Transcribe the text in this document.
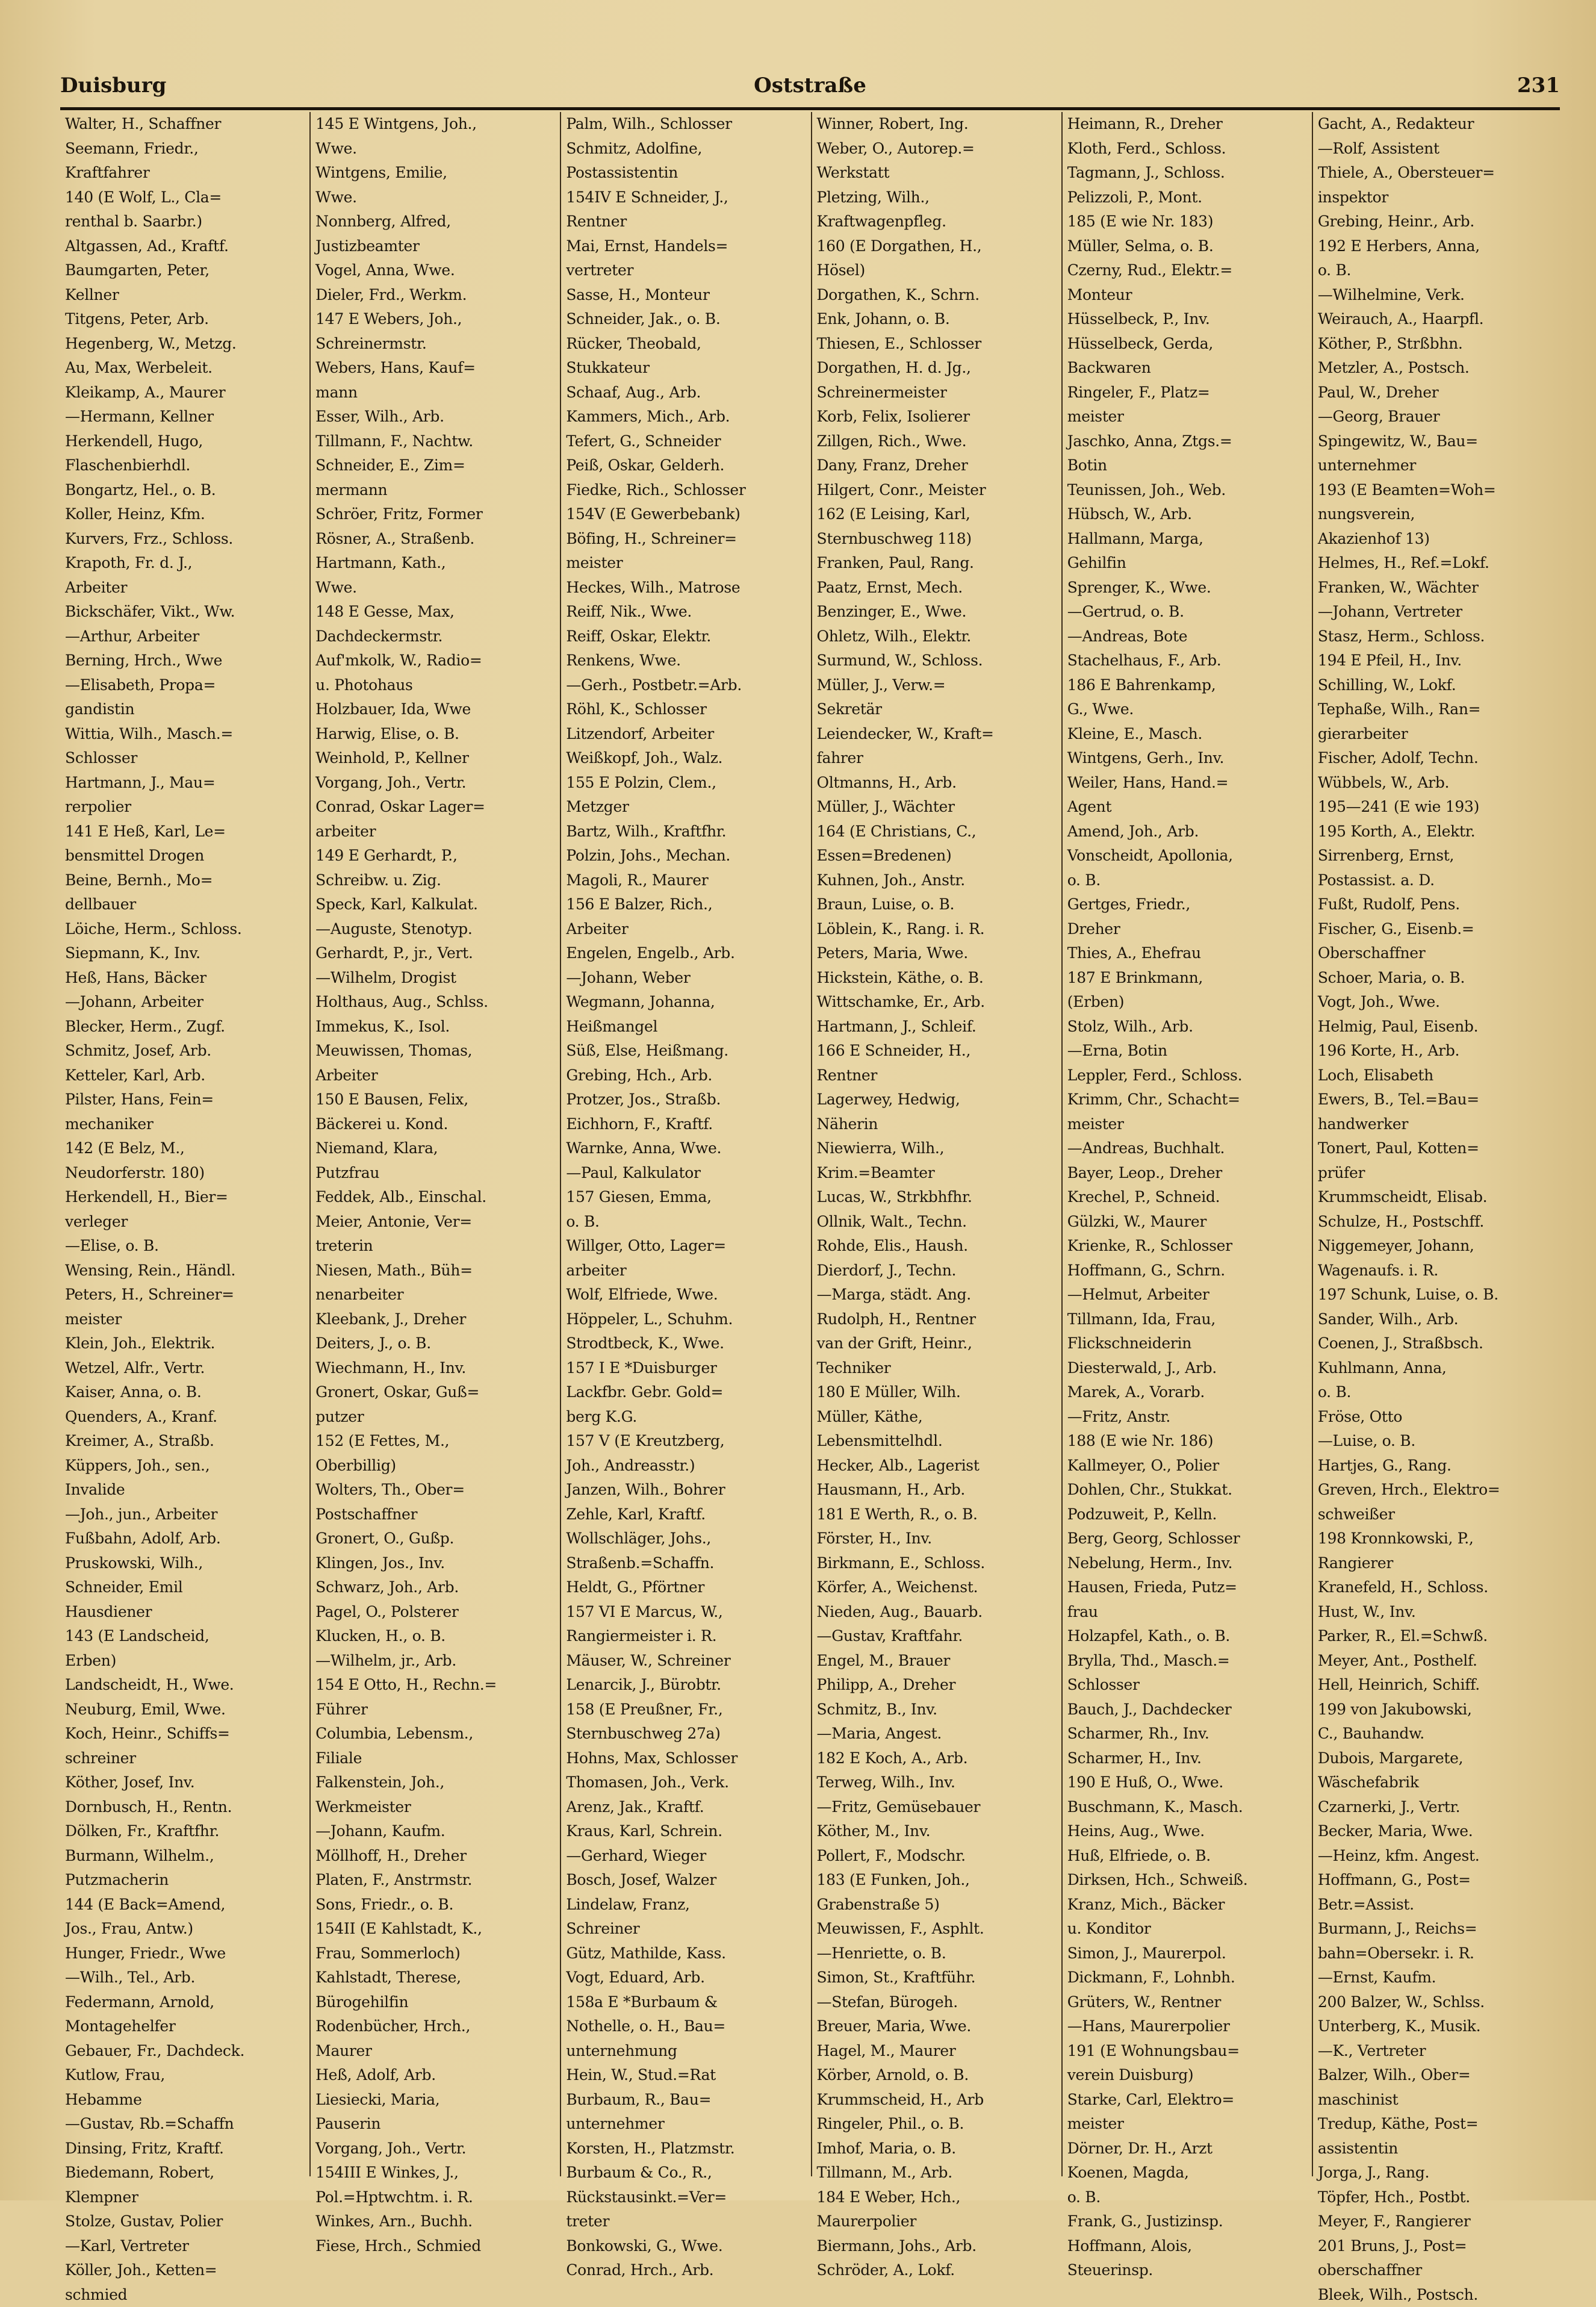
Duisburg	Oststraße	231
Walter, H., Schaffner
Seemann, Friedr.,
Kraftfahrer
140 (E Wolf, L., Cla=
renthal b. Saarbr.)
Altgassen, Ad., Kraftf.
Baumgarten, Peter,
Kellner
Titgens, Peter, Arb.
Hegenberg, W., Metzg.
Au, Max, Werbeleit.
Kleikamp, A., Maurer
—Hermann, Kellner
Herkendell, Hugo,
Flaschenbierhdl.
Bongartz, Hel., o. B.
Koller, Heinz, Kfm.
Kurvers, Frz., Schloss.
Krapoth, Fr. d. J.,
Arbeiter
Bickschäfer, Vikt., Ww.
—Arthur, Arbeiter
Berning, Hrch., Wwe
—Elisabeth, Propa=
gandistin
Wittia, Wilh., Masch.=
Schlosser
Hartmann, J., Mau=
rerpolier
141 E Heß, Karl, Le=
bensmittel Drogen
Beine, Bernh., Mo=
dellbauer
Löiche, Herm., Schloss.
Siepmann, K., Inv.
Heß, Hans, Bäcker
—Johann, Arbeiter
Blecker, Herm., Zugf.
Schmitz, Josef, Arb.
Ketteler, Karl, Arb.
Pilster, Hans, Fein=
mechaniker
142 (E Belz, M.,
Neudorferstr. 180)
Herkendell, H., Bier=
verleger
—Elise, o. B.
Wensing, Rein., Händl.
Peters, H., Schreiner=
meister
Klein, Joh., Elektrik.
Wetzel, Alfr., Vertr.
Kaiser, Anna, o. B.
Quenders, A., Kranf.
Kreimer, A., Straßb.
Küppers, Joh., sen.,
Invalide
—Joh., jun., Arbeiter
Fußbahn, Adolf, Arb.
Pruskowski, Wilh.,
Schneider, Emil
Hausdiener
143 (E Landscheid,
Erben)
Landscheidt, H., Wwe.
Neuburg, Emil, Wwe.
Koch, Heinr., Schiffs=
schreiner
Köther, Josef, Inv.
Dornbusch, H., Rentn.
Dölken, Fr., Kraftfhr.
Burmann, Wilhelm.,
Putzmacherin
144 (E Back=Amend,
Jos., Frau, Antw.)
Hunger, Friedr., Wwe
—Wilh., Tel., Arb.
Federmann, Arnold,
Montagehelfer
Gebauer, Fr., Dachdeck.
Kutlow, Frau,
Hebamme
—Gustav, Rb.=Schaffn
Dinsing, Fritz, Kraftf.
Biedemann, Robert,
Klempner
Stolze, Gustav, Polier
—Karl, Vertreter
Köller, Joh., Ketten=
schmied
145 E Wintgens, Joh.,
Wwe.
Wintgens, Emilie,
Wwe.
Nonnberg, Alfred,
Justizbeamter
Vogel, Anna, Wwe.
Dieler, Frd., Werkm.
147 E Webers, Joh.,
Schreinermstr.
Webers, Hans, Kauf=
mann
Esser, Wilh., Arb.
Tillmann, F., Nachtw.
Schneider, E., Zim=
mermann
Schröer, Fritz, Former
Rösner, A., Straßenb.
Hartmann, Kath.,
Wwe.
148 E Gesse, Max,
Dachdeckermstr.
Auf'mkolk, W., Radio=
u. Photohaus
Holzbauer, Ida, Wwe
Harwig, Elise, o. B.
Weinhold, P., Kellner
Vorgang, Joh., Vertr.
Conrad, Oskar Lager=
arbeiter
149 E Gerhardt, P.,
Schreibw. u. Zig.
Speck, Karl, Kalkulat.
—Auguste, Stenotyp.
Gerhardt, P., jr., Vert.
—Wilhelm, Drogist
Holthaus, Aug., Schlss.
Immekus, K., Isol.
Meuwissen, Thomas,
Arbeiter
150 E Bausen, Felix,
Bäckerei u. Kond.
Niemand, Klara,
Putzfrau
Feddek, Alb., Einschal.
Meier, Antonie, Ver=
treterin
Niesen, Math., Büh=
nenarbeiter
Kleebank, J., Dreher
Deiters, J., o. B.
Wiechmann, H., Inv.
Gronert, Oskar, Guß=
putzer
152 (E Fettes, M.,
Oberbillig)
Wolters, Th., Ober=
Postschaffner
Gronert, O., Gußp.
Klingen, Jos., Inv.
Schwarz, Joh., Arb.
Pagel, O., Polsterer
Klucken, H., o. B.
—Wilhelm, jr., Arb.
154 E Otto, H., Rechn.=
Führer
Columbia, Lebensm.,
Filiale
Falkenstein, Joh.,
Werkmeister
—Johann, Kaufm.
Möllhoff, H., Dreher
Platen, F., Anstrmstr.
Sons, Friedr., o. B.
154II (E Kahlstadt, K.,
Frau, Sommerloch)
Kahlstadt, Therese,
Bürogehilfin
Rodenbücher, Hrch.,
Maurer
Heß, Adolf, Arb.
Liesiecki, Maria,
Pauserin
Vorgang, Joh., Vertr.
154III E Winkes, J.,
Pol.=Hptwchtm. i. R.
Winkes, Arn., Buchh.
Fiese, Hrch., Schmied
Palm, Wilh., Schlosser
Schmitz, Adolfine,
Postassistentin
154IV E Schneider, J.,
Rentner
Mai, Ernst, Handels=
vertreter
Sasse, H., Monteur
Schneider, Jak., o. B.
Rücker, Theobald,
Stukkateur
Schaaf, Aug., Arb.
Kammers, Mich., Arb.
Tefert, G., Schneider
Peiß, Oskar, Gelderh.
Fiedke, Rich., Schlosser
154V (E Gewerbebank)
Böfing, H., Schreiner=
meister
Heckes, Wilh., Matrose
Reiff, Nik., Wwe.
Reiff, Oskar, Elektr.
Renkens, Wwe.
—Gerh., Postbetr.=Arb.
Röhl, K., Schlosser
Litzendorf, Arbeiter
Weißkopf, Joh., Walz.
155 E Polzin, Clem.,
Metzger
Bartz, Wilh., Kraftfhr.
Polzin, Johs., Mechan.
Magoli, R., Maurer
156 E Balzer, Rich.,
Arbeiter
Engelen, Engelb., Arb.
—Johann, Weber
Wegmann, Johanna,
Heißmangel
Süß, Else, Heißmang.
Grebing, Hch., Arb.
Protzer, Jos., Straßb.
Eichhorn, F., Kraftf.
Warnke, Anna, Wwe.
—Paul, Kalkulator
157 Giesen, Emma,
o. B.
Willger, Otto, Lager=
arbeiter
Wolf, Elfriede, Wwe.
Höppeler, L., Schuhm.
Strodtbeck, K., Wwe.
157 I E *Duisburger
Lackfbr. Gebr. Gold=
berg K.G.
157 V (E Kreutzberg,
Joh., Andreasstr.)
Janzen, Wilh., Bohrer
Zehle, Karl, Kraftf.
Wollschläger, Johs.,
Straßenb.=Schaffn.
Heldt, G., Pförtner
157 VI E Marcus, W.,
Rangiermeister i. R.
Mäuser, W., Schreiner
Lenarcik, J., Bürobtr.
158 (E Preußner, Fr.,
Sternbuschweg 27a)
Hohns, Max, Schlosser
Thomasen, Joh., Verk.
Arenz, Jak., Kraftf.
Kraus, Karl, Schrein.
—Gerhard, Wieger
Bosch, Josef, Walzer
Lindelaw, Franz,
Schreiner
Gütz, Mathilde, Kass.
Vogt, Eduard, Arb.
158a E *Burbaum &
Nothelle, o. H., Bau=
unternehmung
Hein, W., Stud.=Rat
Burbaum, R., Bau=
unternehmer
Korsten, H., Platzmstr.
Burbaum & Co., R.,
Rückstausinkt.=Ver=
treter
Bonkowski, G., Wwe.
Conrad, Hrch., Arb.
Winner, Robert, Ing.
Weber, O., Autorep.=
Werkstatt
Pletzing, Wilh.,
Kraftwagenpfleg.
160 (E Dorgathen, H.,
Hösel)
Dorgathen, K., Schrn.
Enk, Johann, o. B.
Thiesen, E., Schlosser
Dorgathen, H. d. Jg.,
Schreinermeister
Korb, Felix, Isolierer
Zillgen, Rich., Wwe.
Dany, Franz, Dreher
Hilgert, Conr., Meister
162 (E Leising, Karl,
Sternbuschweg 118)
Franken, Paul, Rang.
Paatz, Ernst, Mech.
Benzinger, E., Wwe.
Ohletz, Wilh., Elektr.
Surmund, W., Schloss.
Müller, J., Verw.=
Sekretär
Leiendecker, W., Kraft=
fahrer
Oltmanns, H., Arb.
Müller, J., Wächter
164 (E Christians, C.,
Essen=Bredenen)
Kuhnen, Joh., Anstr.
Braun, Luise, o. B.
Löblein, K., Rang. i. R.
Peters, Maria, Wwe.
Hickstein, Käthe, o. B.
Wittschamke, Er., Arb.
Hartmann, J., Schleif.
166 E Schneider, H.,
Rentner
Lagerwey, Hedwig,
Näherin
Niewierra, Wilh.,
Krim.=Beamter
Lucas, W., Strkbhfhr.
Ollnik, Walt., Techn.
Rohde, Elis., Haush.
Dierdorf, J., Techn.
—Marga, städt. Ang.
Rudolph, H., Rentner
van der Grift, Heinr.,
Techniker
180 E Müller, Wilh.
Müller, Käthe,
Lebensmittelhdl.
Hecker, Alb., Lagerist
Hausmann, H., Arb.
181 E Werth, R., o. B.
Förster, H., Inv.
Birkmann, E., Schloss.
Körfer, A., Weichenst.
Nieden, Aug., Bauarb.
—Gustav, Kraftfahr.
Engel, M., Brauer
Philipp, A., Dreher
Schmitz, B., Inv.
—Maria, Angest.
182 E Koch, A., Arb.
Terweg, Wilh., Inv.
—Fritz, Gemüsebauer
Köther, M., Inv.
Pollert, F., Modschr.
183 (E Funken, Joh.,
Grabenstraße 5)
Meuwissen, F., Asphlt.
—Henriette, o. B.
Simon, St., Kraftführ.
—Stefan, Bürogeh.
Breuer, Maria, Wwe.
Hagel, M., Maurer
Körber, Arnold, o. B.
Krummscheid, H., Arb
Ringeler, Phil., o. B.
Imhof, Maria, o. B.
Tillmann, M., Arb.
184 E Weber, Hch.,
Maurerpolier
Biermann, Johs., Arb.
Schröder, A., Lokf.
Heimann, R., Dreher
Kloth, Ferd., Schloss.
Tagmann, J., Schloss.
Pelizzoli, P., Mont.
185 (E wie Nr. 183)
Müller, Selma, o. B.
Czerny, Rud., Elektr.=
Monteur
Hüsselbeck, P., Inv.
Hüsselbeck, Gerda,
Backwaren
Ringeler, F., Platz=
meister
Jaschko, Anna, Ztgs.=
Botin
Teunissen, Joh., Web.
Hübsch, W., Arb.
Hallmann, Marga,
Gehilfin
Sprenger, K., Wwe.
—Gertrud, o. B.
—Andreas, Bote
Stachelhaus, F., Arb.
186 E Bahrenkamp,
G., Wwe.
Kleine, E., Masch.
Wintgens, Gerh., Inv.
Weiler, Hans, Hand.=
Agent
Amend, Joh., Arb.
Vonscheidt, Apollonia,
o. B.
Gertges, Friedr.,
Dreher
Thies, A., Ehefrau
187 E Brinkmann,
(Erben)
Stolz, Wilh., Arb.
—Erna, Botin
Leppler, Ferd., Schloss.
Krimm, Chr., Schacht=
meister
—Andreas, Buchhalt.
Bayer, Leop., Dreher
Krechel, P., Schneid.
Gülzki, W., Maurer
Krienke, R., Schlosser
Hoffmann, G., Schrn.
—Helmut, Arbeiter
Tillmann, Ida, Frau,
Flickschneiderin
Diesterwald, J., Arb.
Marek, A., Vorarb.
—Fritz, Anstr.
188 (E wie Nr. 186)
Kallmeyer, O., Polier
Dohlen, Chr., Stukkat.
Podzuweit, P., Kelln.
Berg, Georg, Schlosser
Nebelung, Herm., Inv.
Hausen, Frieda, Putz=
frau
Holzapfel, Kath., o. B.
Brylla, Thd., Masch.=
Schlosser
Bauch, J., Dachdecker
Scharmer, Rh., Inv.
Scharmer, H., Inv.
190 E Huß, O., Wwe.
Buschmann, K., Masch.
Heins, Aug., Wwe.
Huß, Elfriede, o. B.
Dirksen, Hch., Schweiß.
Kranz, Mich., Bäcker
u. Konditor
Simon, J., Maurerpol.
Dickmann, F., Lohnbh.
Grüters, W., Rentner
—Hans, Maurerpolier
191 (E Wohnungsbau=
verein Duisburg)
Starke, Carl, Elektro=
meister
Dörner, Dr. H., Arzt
Koenen, Magda,
o. B.
Frank, G., Justizinsp.
Hoffmann, Alois,
Steuerinsp.
Gacht, A., Redakteur
—Rolf, Assistent
Thiele, A., Obersteuer=
inspektor
Grebing, Heinr., Arb.
192 E Herbers, Anna,
o. B.
—Wilhelmine, Verk.
Weirauch, A., Haarpfl.
Köther, P., Strßbhn.
Metzler, A., Postsch.
Paul, W., Dreher
—Georg, Brauer
Spingewitz, W., Bau=
unternehmer
193 (E Beamten=Woh=
nungsverein,
Akazienhof 13)
Helmes, H., Ref.=Lokf.
Franken, W., Wächter
—Johann, Vertreter
Stasz, Herm., Schloss.
194 E Pfeil, H., Inv.
Schilling, W., Lokf.
Tephaße, Wilh., Ran=
gierarbeiter
Fischer, Adolf, Techn.
Wübbels, W., Arb.
195—241 (E wie 193)
195 Korth, A., Elektr.
Sirrenberg, Ernst,
Postassist. a. D.
Fußt, Rudolf, Pens.
Fischer, G., Eisenb.=
Oberschaffner
Schoer, Maria, o. B.
Vogt, Joh., Wwe.
Helmig, Paul, Eisenb.
196 Korte, H., Arb.
Loch, Elisabeth
Ewers, B., Tel.=Bau=
handwerker
Tonert, Paul, Kotten=
prüfer
Krummscheidt, Elisab.
Schulze, H., Postschff.
Niggemeyer, Johann,
Wagenaufs. i. R.
197 Schunk, Luise, o. B.
Sander, Wilh., Arb.
Coenen, J., Straßbsch.
Kuhlmann, Anna,
o. B.
Fröse, Otto
—Luise, o. B.
Hartjes, G., Rang.
Greven, Hrch., Elektro=
schweißer
198 Kronnkowski, P.,
Rangierer
Kranefeld, H., Schloss.
Hust, W., Inv.
Parker, R., El.=Schwß.
Meyer, Ant., Posthelf.
Hell, Heinrich, Schiff.
199 von Jakubowski,
C., Bauhandw.
Dubois, Margarete,
Wäschefabrik
Czarnerki, J., Vertr.
Becker, Maria, Wwe.
—Heinz, kfm. Angest.
Hoffmann, G., Post=
Betr.=Assist.
Burmann, J., Reichs=
bahn=Obersekr. i. R.
—Ernst, Kaufm.
200 Balzer, W., Schlss.
Unterberg, K., Musik.
—K., Vertreter
Balzer, Wilh., Ober=
maschinist
Tredup, Käthe, Post=
assistentin
Jorga, J., Rang.
Töpfer, Hch., Postbt.
Meyer, F., Rangierer
201 Bruns, J., Post=
oberschaffner
Bleek, Wilh., Postsch.
